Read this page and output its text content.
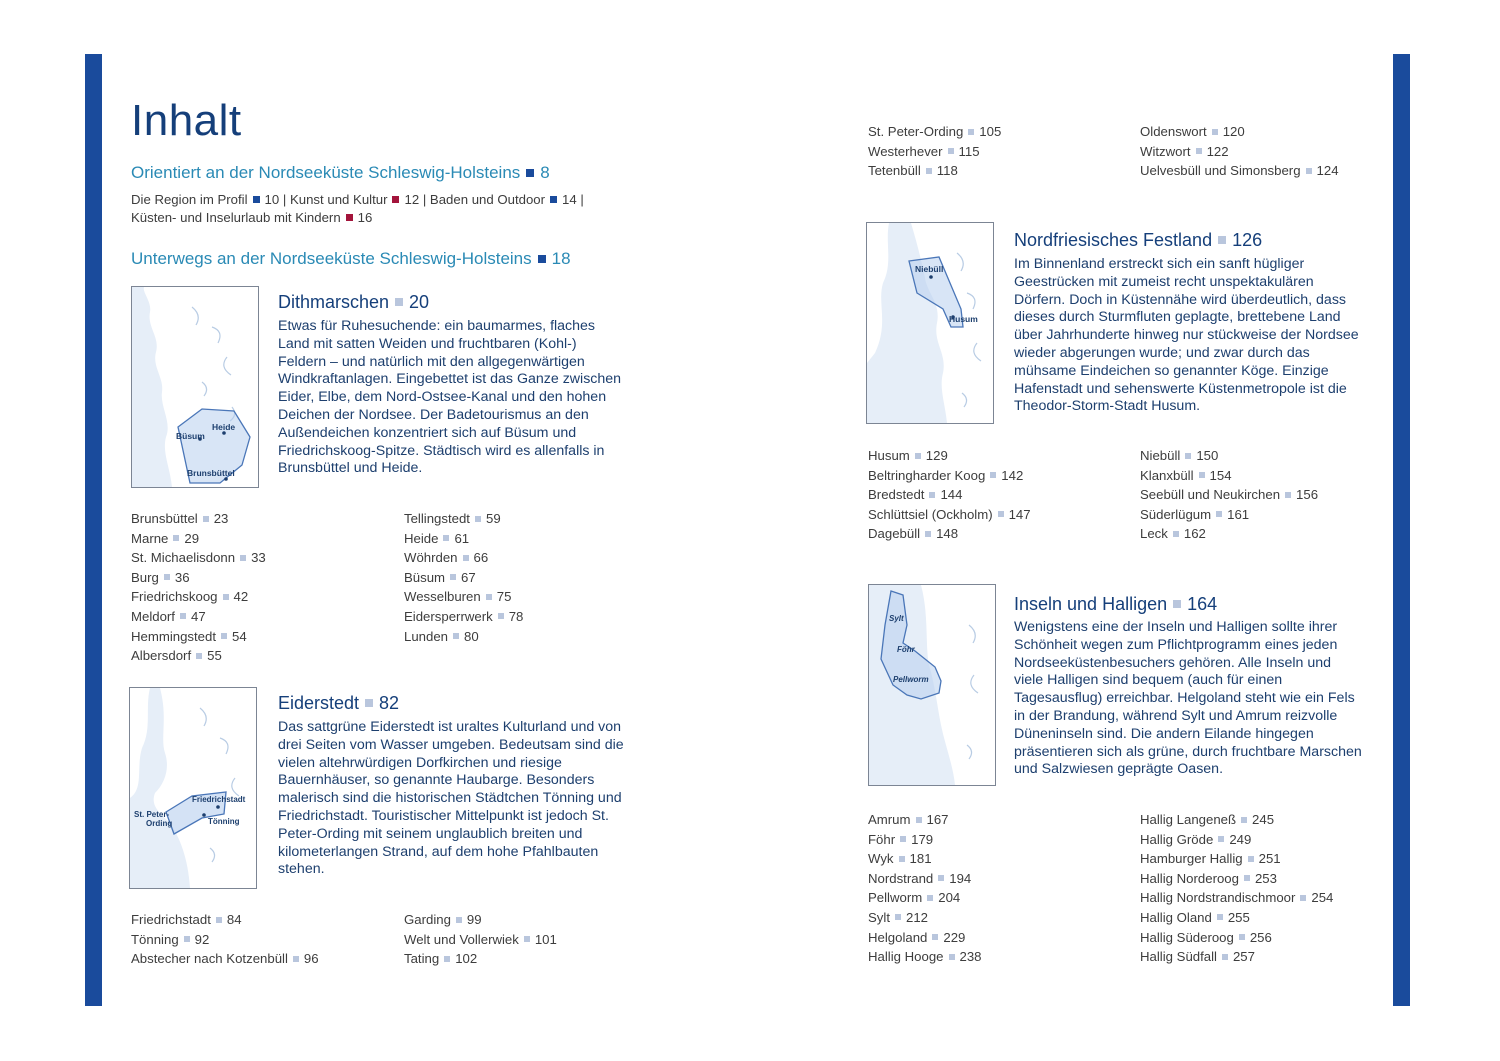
Inhalt
Orientiert an der Nordseeküste Schleswig-Holsteins 8
Die Region im Profil 10 | Kunst und Kultur 12 | Baden und Outdoor 14 |
Küsten- und Inselurlaub mit Kindern 16
Unterwegs an der Nordseeküste Schleswig-Holsteins 18
Heide
Büsum
Brunsbüttel
Dithmarschen 20
Etwas für Ruhesuchende: ein baumarmes, flaches Land mit satten Weiden und fruchtbaren (Kohl-) Feldern – und natürlich mit den allgegenwärtigen Windkraftanlagen. Eingebettet ist das Ganze zwischen Eider, Elbe, dem Nord-Ostsee-Kanal und den hohen Deichen der Nordsee. Der Badetourismus an den Außendeichen konzentriert sich auf Büsum und Friedrichskoog-Spitze. Städtisch wird es allenfalls in Brunsbüttel und Heide.
Brunsbüttel 23
Marne 29
St. Michaelisdonn 33
Burg 36
Friedrichskoog 42
Meldorf 47
Hemmingstedt 54
Albersdorf 55
Tellingstedt 59
Heide 61
Wöhrden 66
Büsum 67
Wesselburen 75
Eidersperrwerk 78
Lunden 80
Friedrichstadt
St. Peter-
Ording	Tönning
Eiderstedt 82
Das sattgrüne Eiderstedt ist uraltes Kulturland und von drei Seiten vom Wasser umgeben. Bedeutsam sind die vielen altehrwürdigen Dorfkirchen und riesige Bauernhäuser, so genannte Haubarge. Besonders malerisch sind die historischen Städtchen Tönning und Friedrichstadt. Touristischer Mittelpunkt ist jedoch St. Peter-Ording mit seinem unglaublich breiten und kilometerlangen Strand, auf dem hohe Pfahlbauten stehen.
Friedrichstadt 84
Tönning 92
Abstecher nach Kotzenbüll 96
Garding 99
Welt und Vollerwiek 101
Tating 102
St. Peter-Ording 105
Westerhever 115
Tetenbüll 118
Oldenswort 120
Witzwort 122
Uelvesbüll und Simonsberg 124
Niebüll
Husum
Nordfriesisches Festland 126
Im Binnenland erstreckt sich ein sanft hügliger Geestrücken mit zumeist recht unspektakulären Dörfern. Doch in Küstennähe wird überdeutlich, dass dieses durch Sturmfluten geplagte, brettebene Land über Jahrhunderte hinweg nur stückweise der Nordsee wieder abgerungen wurde; und zwar durch das mühsame Eindeichen so genannter Köge. Einzige Hafenstadt und sehenswerte Küstenmetropole ist die Theodor-Storm-Stadt Husum.
Husum 129
Beltringharder Koog 142
Bredstedt 144
Schlüttsiel (Ockholm) 147
Dagebüll 148
Niebüll 150
Klanxbüll 154
Seebüll und Neukirchen 156
Süderlügum 161
Leck 162
Sylt
Föhr
Pellworm
Inseln und Halligen 164
Wenigstens eine der Inseln und Halligen sollte ihrer Schönheit wegen zum Pflichtprogramm eines jeden Nordseeküstenbesuchers gehören. Alle Inseln und viele Halligen sind bequem (auch für einen Tagesausflug) erreichbar. Helgoland steht wie ein Fels in der Brandung, während Sylt und Amrum reizvolle Düneninseln sind. Die andern Eilande hingegen präsentieren sich als grüne, durch fruchtbare Marschen und Salzwiesen geprägte Oasen.
Amrum 167
Föhr 179
Wyk 181
Nordstrand 194
Pellworm 204
Sylt 212
Helgoland 229
Hallig Hooge 238
Hallig Langeneß 245
Hallig Gröde 249
Hamburger Hallig 251
Hallig Norderoog 253
Hallig Nordstrandischmoor 254
Hallig Oland 255
Hallig Süderoog 256
Hallig Südfall 257
